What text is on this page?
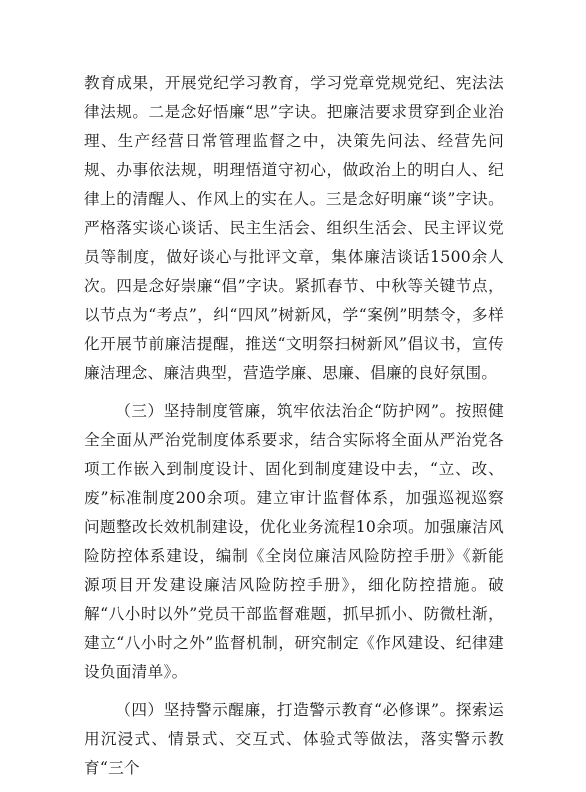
教育成果，开展党纪学习教育，学习党章党规党纪、宪法法律法规。二是念好悟廉“思”字诀。把廉洁要求贯穿到企业治理、生产经营日常管理监督之中，决策先问法、经营先问规、办事依法规，明理悟道守初心，做政治上的明白人、纪律上的清醒人、作风上的实在人。三是念好明廉“谈”字诀。严格落实谈心谈话、民主生活会、组织生活会、民主评议党员等制度，做好谈心与批评文章，集体廉洁谈话1500余人次。四是念好崇廉“倡”字诀。紧抓春节、中秋等关键节点，以节点为“考点”，纠“四风”树新风，学“案例”明禁令，多样化开展节前廉洁提醒，推送“文明祭扫树新风”倡议书，宣传廉洁理念、廉洁典型，营造学廉、思廉、倡廉的良好氛围。

（三）坚持制度管廉，筑牢依法治企“防护网”。按照健全全面从严治党制度体系要求，结合实际将全面从严治党各项工作嵌入到制度设计、固化到制度建设中去，“立、改、废”标准制度200余项。建立审计监督体系，加强巡视巡察问题整改长效机制建设，优化业务流程10余项。加强廉洁风险防控体系建设，编制《全岗位廉洁风险防控手册》《新能源项目开发建设廉洁风险防控手册》，细化防控措施。破解“八小时以外”党员干部监督难题，抓早抓小、防微杜渐，建立“八小时之外”监督机制，研究制定《作风建设、纪律建设负面清单》。

（四）坚持警示醒廉，打造警示教育“必修课”。探索运用沉浸式、情景式、交互式、体验式等做法，落实警示教育“三个
